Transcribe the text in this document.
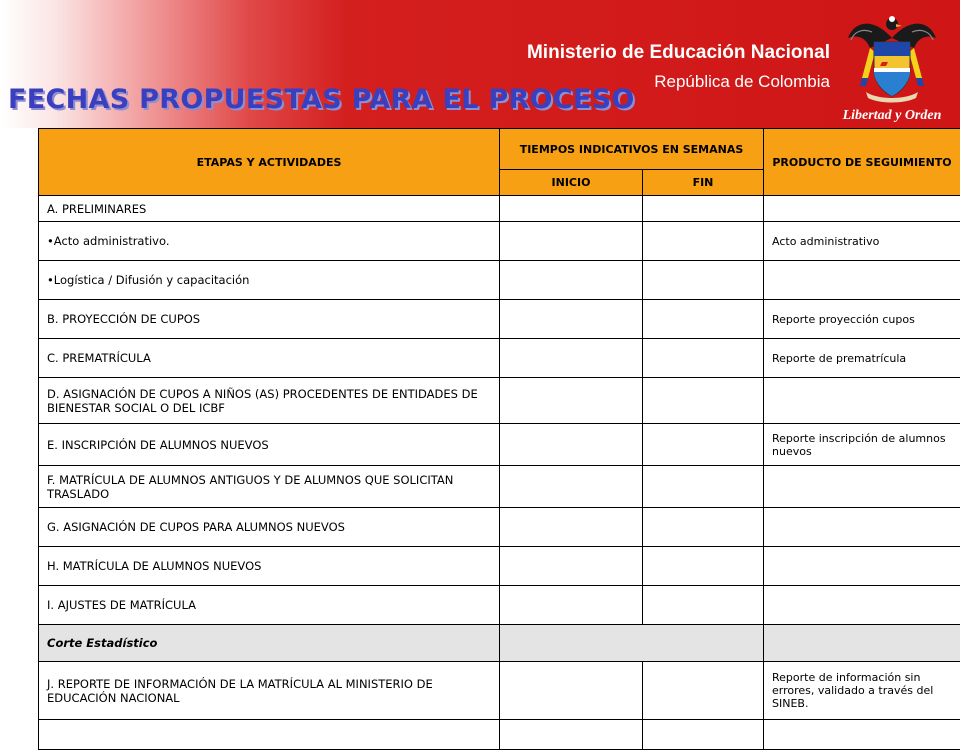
Ministerio de Educación Nacional
República de Colombia
Libertad y Orden
FECHAS PROPUESTAS PARA EL PROCESO
ETAPAS Y ACTIVIDADES	TIEMPOS INDICATIVOS EN SEMANAS		PRODUCTO DE SEGUIMIENTO
	INICIO	FIN	
A. PRELIMINARES			
•Acto administrativo.			Acto administrativo
•Logística / Difusión y capacitación			
B. PROYECCIÓN DE CUPOS			Reporte proyección cupos
C. PREMATRÍCULA			Reporte de prematrícula
D. ASIGNACIÓN DE CUPOS A NIÑOS (AS) PROCEDENTES DE ENTIDADES DE BIENESTAR SOCIAL O DEL ICBF			
E. INSCRIPCIÓN DE ALUMNOS NUEVOS			Reporte inscripción de alumnos nuevos
F. MATRÍCULA DE ALUMNOS ANTIGUOS Y DE ALUMNOS QUE SOLICITAN TRASLADO			
G. ASIGNACIÓN DE CUPOS PARA ALUMNOS NUEVOS			
H. MATRÍCULA DE ALUMNOS NUEVOS			
I. AJUSTES DE MATRÍCULA			
Corte Estadístico			
J. REPORTE DE INFORMACIÓN DE LA MATRÍCULA AL MINISTERIO DE EDUCACIÓN NACIONAL			Reporte de información sin errores, validado a través del SINEB.
